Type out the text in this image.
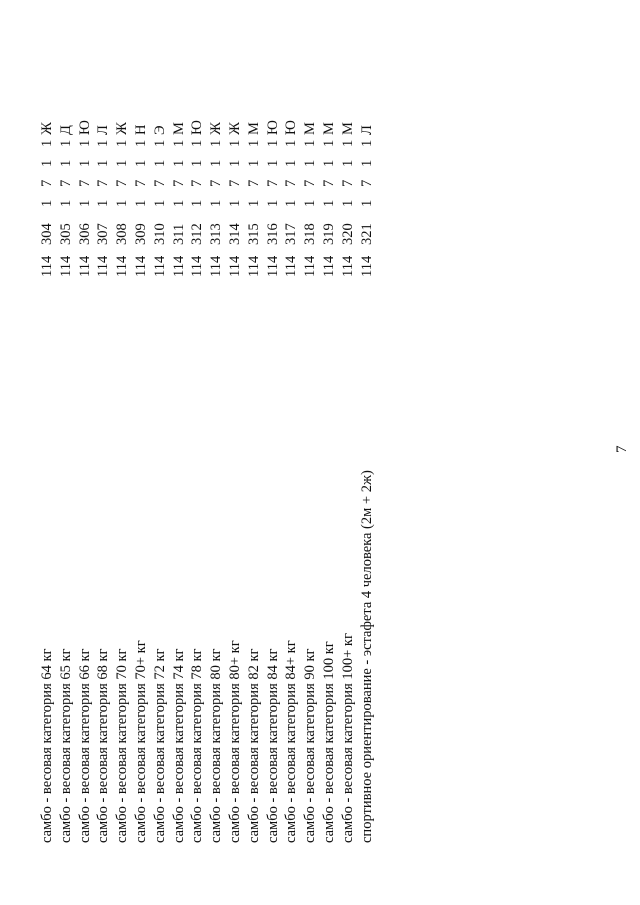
7
самбо - весовая категория 64 кг
114
304
1
7
1
1
Ж
самбо - весовая категория 65 кг
114
305
1
7
1
1
Д
самбо - весовая категория 66 кг
114
306
1
7
1
1
Ю
самбо - весовая категория 68 кг
114
307
1
7
1
1
Л
самбо - весовая категория 70 кг
114
308
1
7
1
1
Ж
самбо - весовая категория 70+ кг
114
309
1
7
1
1
Н
самбо - весовая категория 72 кг
114
310
1
7
1
1
Э
самбо - весовая категория 74 кг
114
311
1
7
1
1
М
самбо - весовая категория 78 кг
114
312
1
7
1
1
Ю
самбо - весовая категория 80 кг
114
313
1
7
1
1
Ж
самбо - весовая категория 80+ кг
114
314
1
7
1
1
Ж
самбо - весовая категория 82 кг
114
315
1
7
1
1
М
самбо - весовая категория 84 кг
114
316
1
7
1
1
Ю
самбо - весовая категория 84+ кг
114
317
1
7
1
1
Ю
самбо - весовая категория 90 кг
114
318
1
7
1
1
М
самбо - весовая категория 100 кг
114
319
1
7
1
1
М
самбо - весовая категория 100+ кг
114
320
1
7
1
1
М
спортивное ориентирование - эстафета 4 человека (2м + 2ж)
114
321
1
7
1
1
Л
